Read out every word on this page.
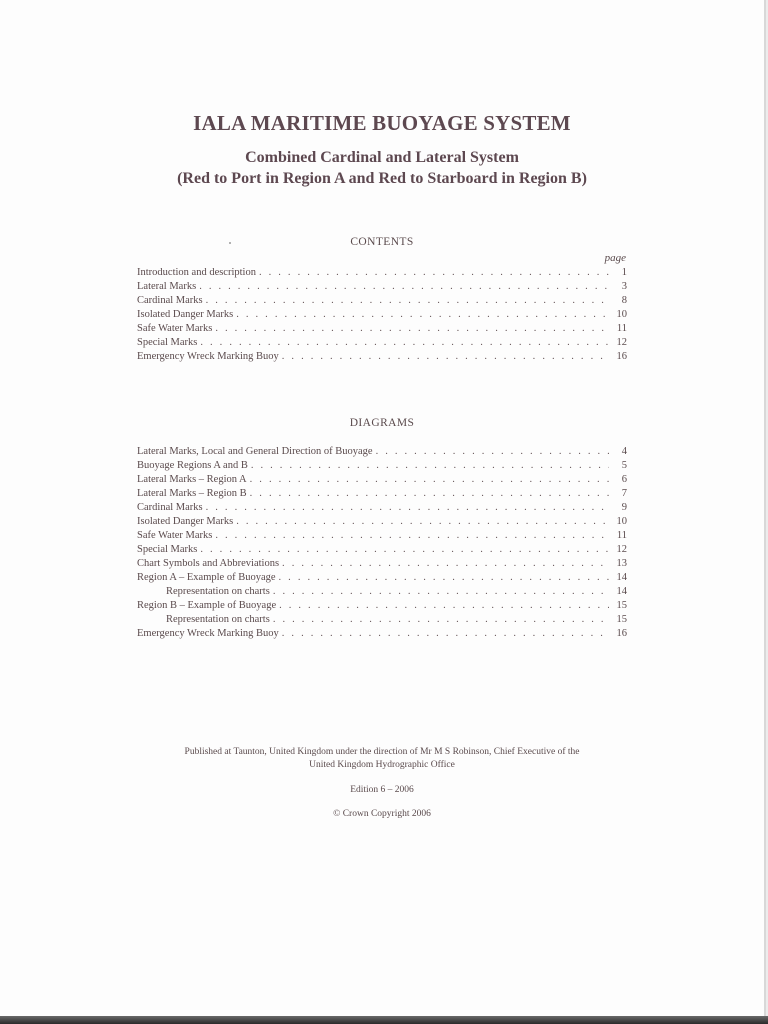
IALA MARITIME BUOYAGE SYSTEM
Combined Cardinal and Lateral System
(Red to Port in Region A and Red to Starboard in Region B)
CONTENTS
page
Introduction and description . . .	1
Lateral Marks . . .	3
Cardinal Marks . . .	8
Isolated Danger Marks . . .	10
Safe Water Marks . . .	11
Special Marks . . .	12
Emergency Wreck Marking Buoy . . .	16
DIAGRAMS
Lateral Marks, Local and General Direction of Buoyage . . .	4
Buoyage Regions A and B . . .	5
Lateral Marks – Region A . . .	6
Lateral Marks – Region B . . .	7
Cardinal Marks . . .	9
Isolated Danger Marks . . .	10
Safe Water Marks . . .	11
Special Marks . . .	12
Chart Symbols and Abbreviations . . .	13
Region A – Example of Buoyage . . .	14
Representation on charts . . .	14
Region B – Example of Buoyage . . .	15
Representation on charts . . .	15
Emergency Wreck Marking Buoy . . .	16
Published at Taunton, United Kingdom under the direction of Mr M S Robinson, Chief Executive of the
United Kingdom Hydrographic Office
Edition 6 – 2006
© Crown Copyright 2006
